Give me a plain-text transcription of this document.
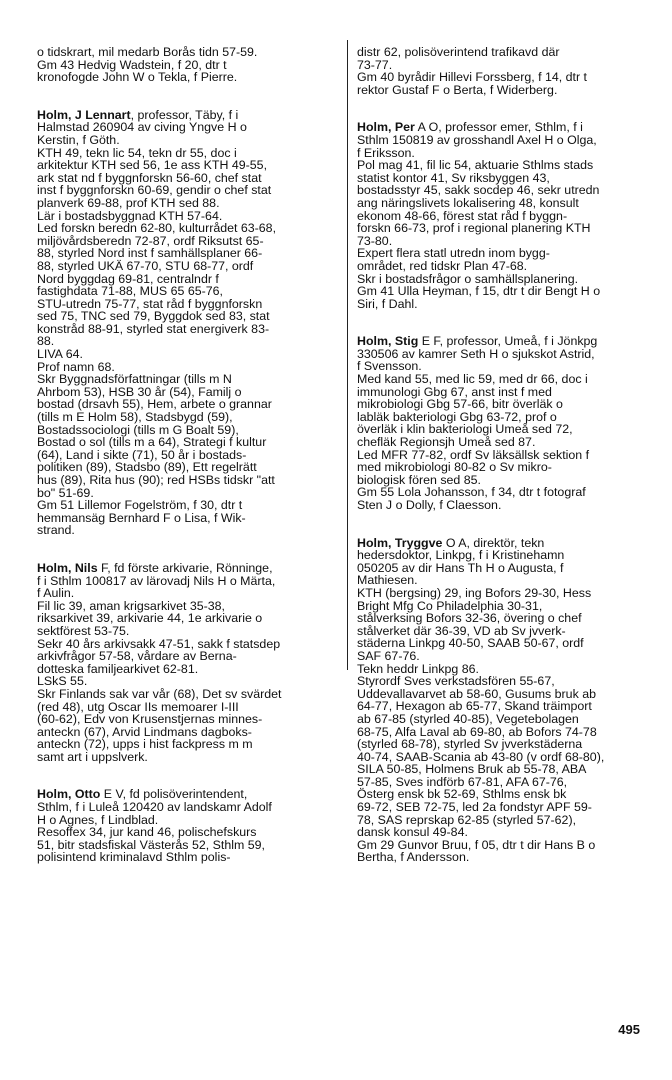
o tidskrart, mil medarb Borås tidn 57-59.
Gm 43 Hedvig Wadstein, f 20, dtr t
kronofogde John W o Tekla, f Pierre.
Holm, J Lennart, professor, Täby, f i
Halmstad 260904 av civing Yngve H o
Kerstin, f Göth.
KTH 49, tekn lic 54, tekn dr 55, doc i
arkitektur KTH sed 56, 1e ass KTH 49-55,
ark stat nd f byggnforskn 56-60, chef stat
inst f byggnforskn 60-69, gendir o chef stat
planverk 69-88, prof KTH sed 88.
Lär i bostadsbyggnad KTH 57-64.
Led forskn beredn 62-80, kulturrådet 63-68,
miljövårdsberedn 72-87, ordf Riksutst 65-
88, styrled Nord inst f samhällsplaner 66-
88, styrled UKÄ 67-70, STU 68-77, ordf
Nord byggdag 69-81, centralndr f
fastighdata 71-88, MUS 65 65-76,
STU-utredn 75-77, stat råd f byggnforskn
sed 75, TNC sed 79, Byggdok sed 83, stat
konstråd 88-91, styrled stat energiverk 83-
88.
LIVA 64.
Prof namn 68.
Skr Byggnadsförfattningar (tills m N
Ahrbom 53), HSB 30 år (54), Familj o
bostad (drsavh 55), Hem, arbete o grannar
(tills m E Holm 58), Stadsbygd (59),
Bostadssociologi (tills m G Boalt 59),
Bostad o sol (tills m a 64), Strategi f kultur
(64), Land i sikte (71), 50 år i bostads-
politiken (89), Stadsbo (89), Ett regelrätt
hus (89), Rita hus (90); red HSBs tidskr "att
bo" 51-69.
Gm 51 Lillemor Fogelström, f 30, dtr t
hemmansäg Bernhard F o Lisa, f Wik-
strand.
Holm, Nils F, fd förste arkivarie, Rönninge,
f i Sthlm 100817 av lärovadj Nils H o Märta,
f Aulin.
Fil lic 39, aman krigsarkivet 35-38,
riksarkivet 39, arkivarie 44, 1e arkivarie o
sektförest 53-75.
Sekr 40 års arkivsakk 47-51, sakk f statsdep
arkivfrågor 57-58, vårdare av Berna-
dotteska familjearkivet 62-81.
LSkS 55.
Skr Finlands sak var vår (68), Det sv svärdet
(red 48), utg Oscar IIs memoarer I-III
(60-62), Edv von Krusenstjernas minnes-
anteckn (67), Arvid Lindmans dagboks-
anteckn (72), upps i hist fackpress m m
samt art i uppslverk.
Holm, Otto E V, fd polisöverintendent,
Sthlm, f i Luleå 120420 av landskamr Adolf
H o Agnes, f Lindblad.
Resoffex 34, jur kand 46, polischefskurs
51, bitr stadsfiskal Västerås 52, Sthlm 59,
polisintend kriminalavd Sthlm polis-
distr 62, polisöverintend trafikavd där
73-77.
Gm 40 byrådir Hillevi Forssberg, f 14, dtr t
rektor Gustaf F o Berta, f Widerberg.
Holm, Per A O, professor emer, Sthlm, f i
Sthlm 150819 av grosshandl Axel H o Olga,
f Eriksson.
Pol mag 41, fil lic 54, aktuarie Sthlms stads
statist kontor 41, Sv riksbyggen 43,
bostadsstyr 45, sakk socdep 46, sekr utredn
ang näringslivets lokalisering 48, konsult
ekonom 48-66, förest stat råd f byggn-
forskn 66-73, prof i regional planering KTH
73-80.
Expert flera statl utredn inom bygg-
området, red tidskr Plan 47-68.
Skr i bostadsfrågor o samhällsplanering.
Gm 41 Ulla Heyman, f 15, dtr t dir Bengt H o
Siri, f Dahl.
Holm, Stig E F, professor, Umeå, f i Jönkpg
330506 av kamrer Seth H o sjukskot Astrid,
f Svensson.
Med kand 55, med lic 59, med dr 66, doc i
immunologi Gbg 67, anst inst f med
mikrobiologi Gbg 57-66, bitr överläk o
labläk bakteriologi Gbg 63-72, prof o
överläk i klin bakteriologi Umeå sed 72,
chefläk Regionsjh Umeå sed 87.
Led MFR 77-82, ordf Sv läksällsk sektion f
med mikrobiologi 80-82 o Sv mikro-
biologisk fören sed 85.
Gm 55 Lola Johansson, f 34, dtr t fotograf
Sten J o Dolly, f Claesson.
Holm, Tryggve O A, direktör, tekn
hedersdoktor, Linkpg, f i Kristinehamn
050205 av dir Hans Th H o Augusta, f
Mathiesen.
KTH (bergsing) 29, ing Bofors 29-30, Hess
Bright Mfg Co Philadelphia 30-31,
stålverksing Bofors 32-36, övering o chef
stålverket där 36-39, VD ab Sv jvverk-
städerna Linkpg 40-50, SAAB 50-67, ordf
SAF 67-76.
Tekn heddr Linkpg 86.
Styrordf Sves verkstadsfören 55-67,
Uddevallavarvet ab 58-60, Gusums bruk ab
64-77, Hexagon ab 65-77, Skand träimport
ab 67-85 (styrled 40-85), Vegetebolagen
68-75, Alfa Laval ab 69-80, ab Bofors 74-78
(styrled 68-78), styrled Sv jvverkstäderna
40-74, SAAB-Scania ab 43-80 (v ordf 68-80),
SILA 50-85, Holmens Bruk ab 55-78, ABA
57-85, Sves indförb 67-81, AFA 67-76,
Österg ensk bk 52-69, Sthlms ensk bk
69-72, SEB 72-75, led 2a fondstyr APF 59-
78, SAS reprskap 62-85 (styrled 57-62),
dansk konsul 49-84.
Gm 29 Gunvor Bruu, f 05, dtr t dir Hans B o
Bertha, f Andersson.
495
